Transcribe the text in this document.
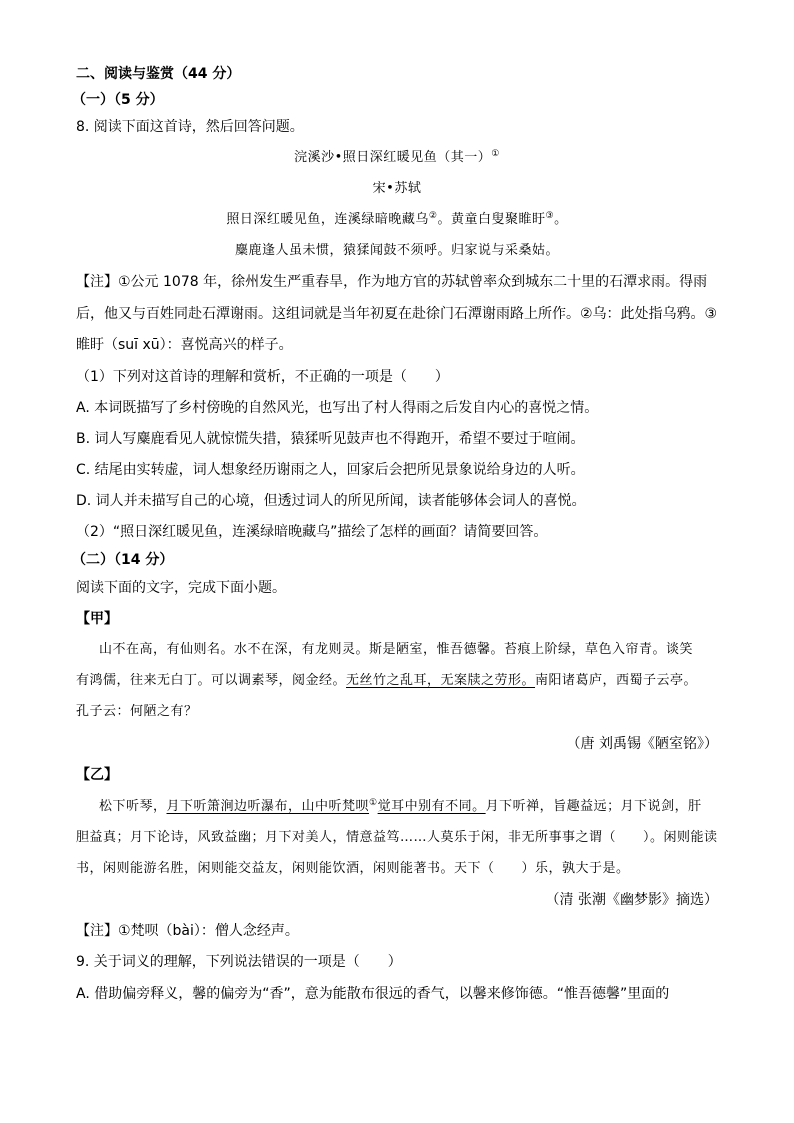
二、阅读与鉴赏（44 分）
（一）（5 分）
8. 阅读下面这首诗，然后回答问题。
浣溪沙•照日深红暖见鱼（其一）①
宋•苏轼
照日深红暖见鱼，连溪绿暗晚藏乌②。黄童白叟聚睢盱③。
麋鹿逢人虽未惯，猿猱闻鼓不须呼。归家说与采桑姑。
【注】①公元 1078 年，徐州发生严重春旱，作为地方官的苏轼曾率众到城东二十里的石潭求雨。得雨
后，他又与百姓同赴石潭谢雨。这组词就是当年初夏在赴徐门石潭谢雨路上所作。②乌：此处指乌鸦。③
睢盱（suī xū）：喜悦高兴的样子。
（1）下列对这首诗的理解和赏析，不正确的一项是（　　）
A. 本词既描写了乡村傍晚的自然风光，也写出了村人得雨之后发自内心的喜悦之情。
B. 词人写麋鹿看见人就惊慌失措，猿猱听见鼓声也不得跑开，希望不要过于喧闹。
C. 结尾由实转虚，词人想象经历谢雨之人，回家后会把所见景象说给身边的人听。
D. 词人并未描写自己的心境，但透过词人的所见所闻，读者能够体会词人的喜悦。
（2）“照日深红暖见鱼，连溪绿暗晚藏乌”描绘了怎样的画面？请简要回答。
（二）（14 分）
阅读下面的文字，完成下面小题。
【甲】
山不在高，有仙则名。水不在深，有龙则灵。斯是陋室，惟吾德馨。苔痕上阶绿，草色入帘青。谈笑
有鸿儒，往来无白丁。可以调素琴，阅金经。无丝竹之乱耳，无案牍之劳形。南阳诸葛庐，西蜀子云亭。
孔子云：何陋之有？
（唐 刘禹锡《陋室铭》）
【乙】
松下听琴，月下听箫涧边听瀑布，山中听梵呗①觉耳中别有不同。月下听禅，旨趣益远；月下说剑，肝
胆益真；月下论诗，风致益幽；月下对美人，情意益笃……人莫乐于闲，非无所事事之谓（　　）。闲则能读
书，闲则能游名胜，闲则能交益友，闲则能饮酒，闲则能著书。天下（　　）乐，孰大于是。
（清 张潮《幽梦影》摘选）
【注】①梵呗（bài）：僧人念经声。
9. 关于词义的理解，下列说法错误的一项是（　　）
A. 借助偏旁释义，馨的偏旁为“香”，意为能散布很远的香气，以馨来修饰德。“惟吾德馨”里面的
